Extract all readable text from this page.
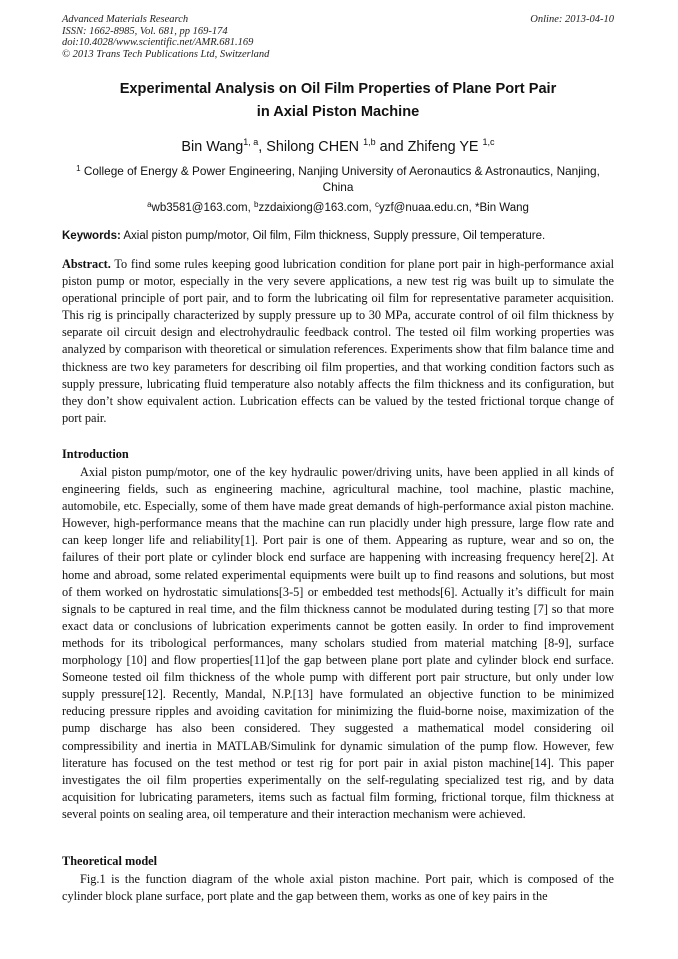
Advanced Materials Research
ISSN: 1662-8985, Vol. 681, pp 169-174
doi:10.4028/www.scientific.net/AMR.681.169
© 2013 Trans Tech Publications Ltd, Switzerland
Online: 2013-04-10
Experimental Analysis on Oil Film Properties of Plane Port Pair
in Axial Piston Machine
Bin Wang$^{1, a}$, Shilong CHEN $^{1,b}$ and Zhifeng YE $^{1,c}$
$^1$ College of Energy & Power Engineering, Nanjing University of Aeronautics & Astronautics, Nanjing, China
$^a$wb3581@163.com, $^b$zzdaixiong@163.com, $^c$yzf@nuaa.edu.cn, *Bin Wang
Keywords: Axial piston pump/motor, Oil film, Film thickness, Supply pressure, Oil temperature.
Abstract. To find some rules keeping good lubrication condition for plane port pair in high-performance axial piston pump or motor, especially in the very severe applications, a new test rig was built up to simulate the operational principle of port pair, and to form the lubricating oil film for representative parameter acquisition. This rig is principally characterized by supply pressure up to 30 MPa, accurate control of oil film thickness by separate oil circuit design and electrohydraulic feedback control. The tested oil film working properties was analyzed by comparison with theoretical or simulation references. Experiments show that film balance time and thickness are two key parameters for describing oil film properties, and that working condition factors such as supply pressure, lubricating fluid temperature also notably affects the film thickness and its configuration, but they don’t show equivalent action. Lubrication effects can be valued by the tested frictional torque change of port pair.
Introduction
Axial piston pump/motor, one of the key hydraulic power/driving units, have been applied in all kinds of engineering fields, such as engineering machine, agricultural machine, tool machine, plastic machine, automobile, etc. Especially, some of them have made great demands of high-performance axial piston machine. However, high-performance means that the machine can run placidly under high pressure, large flow rate and can keep longer life and reliability[1]. Port pair is one of them. Appearing as rupture, wear and so on, the failures of their port plate or cylinder block end surface are happening with increasing frequency here[2]. At home and abroad, some related experimental equipments were built up to find reasons and solutions, but most of them worked on hydrostatic simulations[3-5] or embedded test methods[6]. Actually it’s difficult for main signals to be captured in real time, and the film thickness cannot be modulated during testing [7] so that more exact data or conclusions of lubrication experiments cannot be gotten easily. In order to find improvement methods for its tribological performances, many scholars studied from material matching [8-9], surface morphology [10] and flow properties[11]of the gap between plane port plate and cylinder block end surface. Someone tested oil film thickness of the whole pump with different port pair structure, but only under low supply pressure[12]. Recently, Mandal, N.P.[13] have formulated an objective function to be minimized reducing pressure ripples and avoiding cavitation for minimizing the fluid-borne noise, maximization of the pump discharge has also been considered. They suggested a mathematical model considering oil compressibility and inertia in MATLAB/Simulink for dynamic simulation of the pump flow. However, few literature has focused on the test method or test rig for port pair in axial piston machine[14]. This paper investigates the oil film properties experimentally on the self-regulating specialized test rig, and by data acquisition for lubricating parameters, items such as factual film forming, frictional torque, film thickness at several points on sealing area, oil temperature and their interaction mechanism were achieved.
Theoretical model
Fig.1 is the function diagram of the whole axial piston machine. Port pair, which is composed of the cylinder block plane surface, port plate and the gap between them, works as one of key pairs in the
